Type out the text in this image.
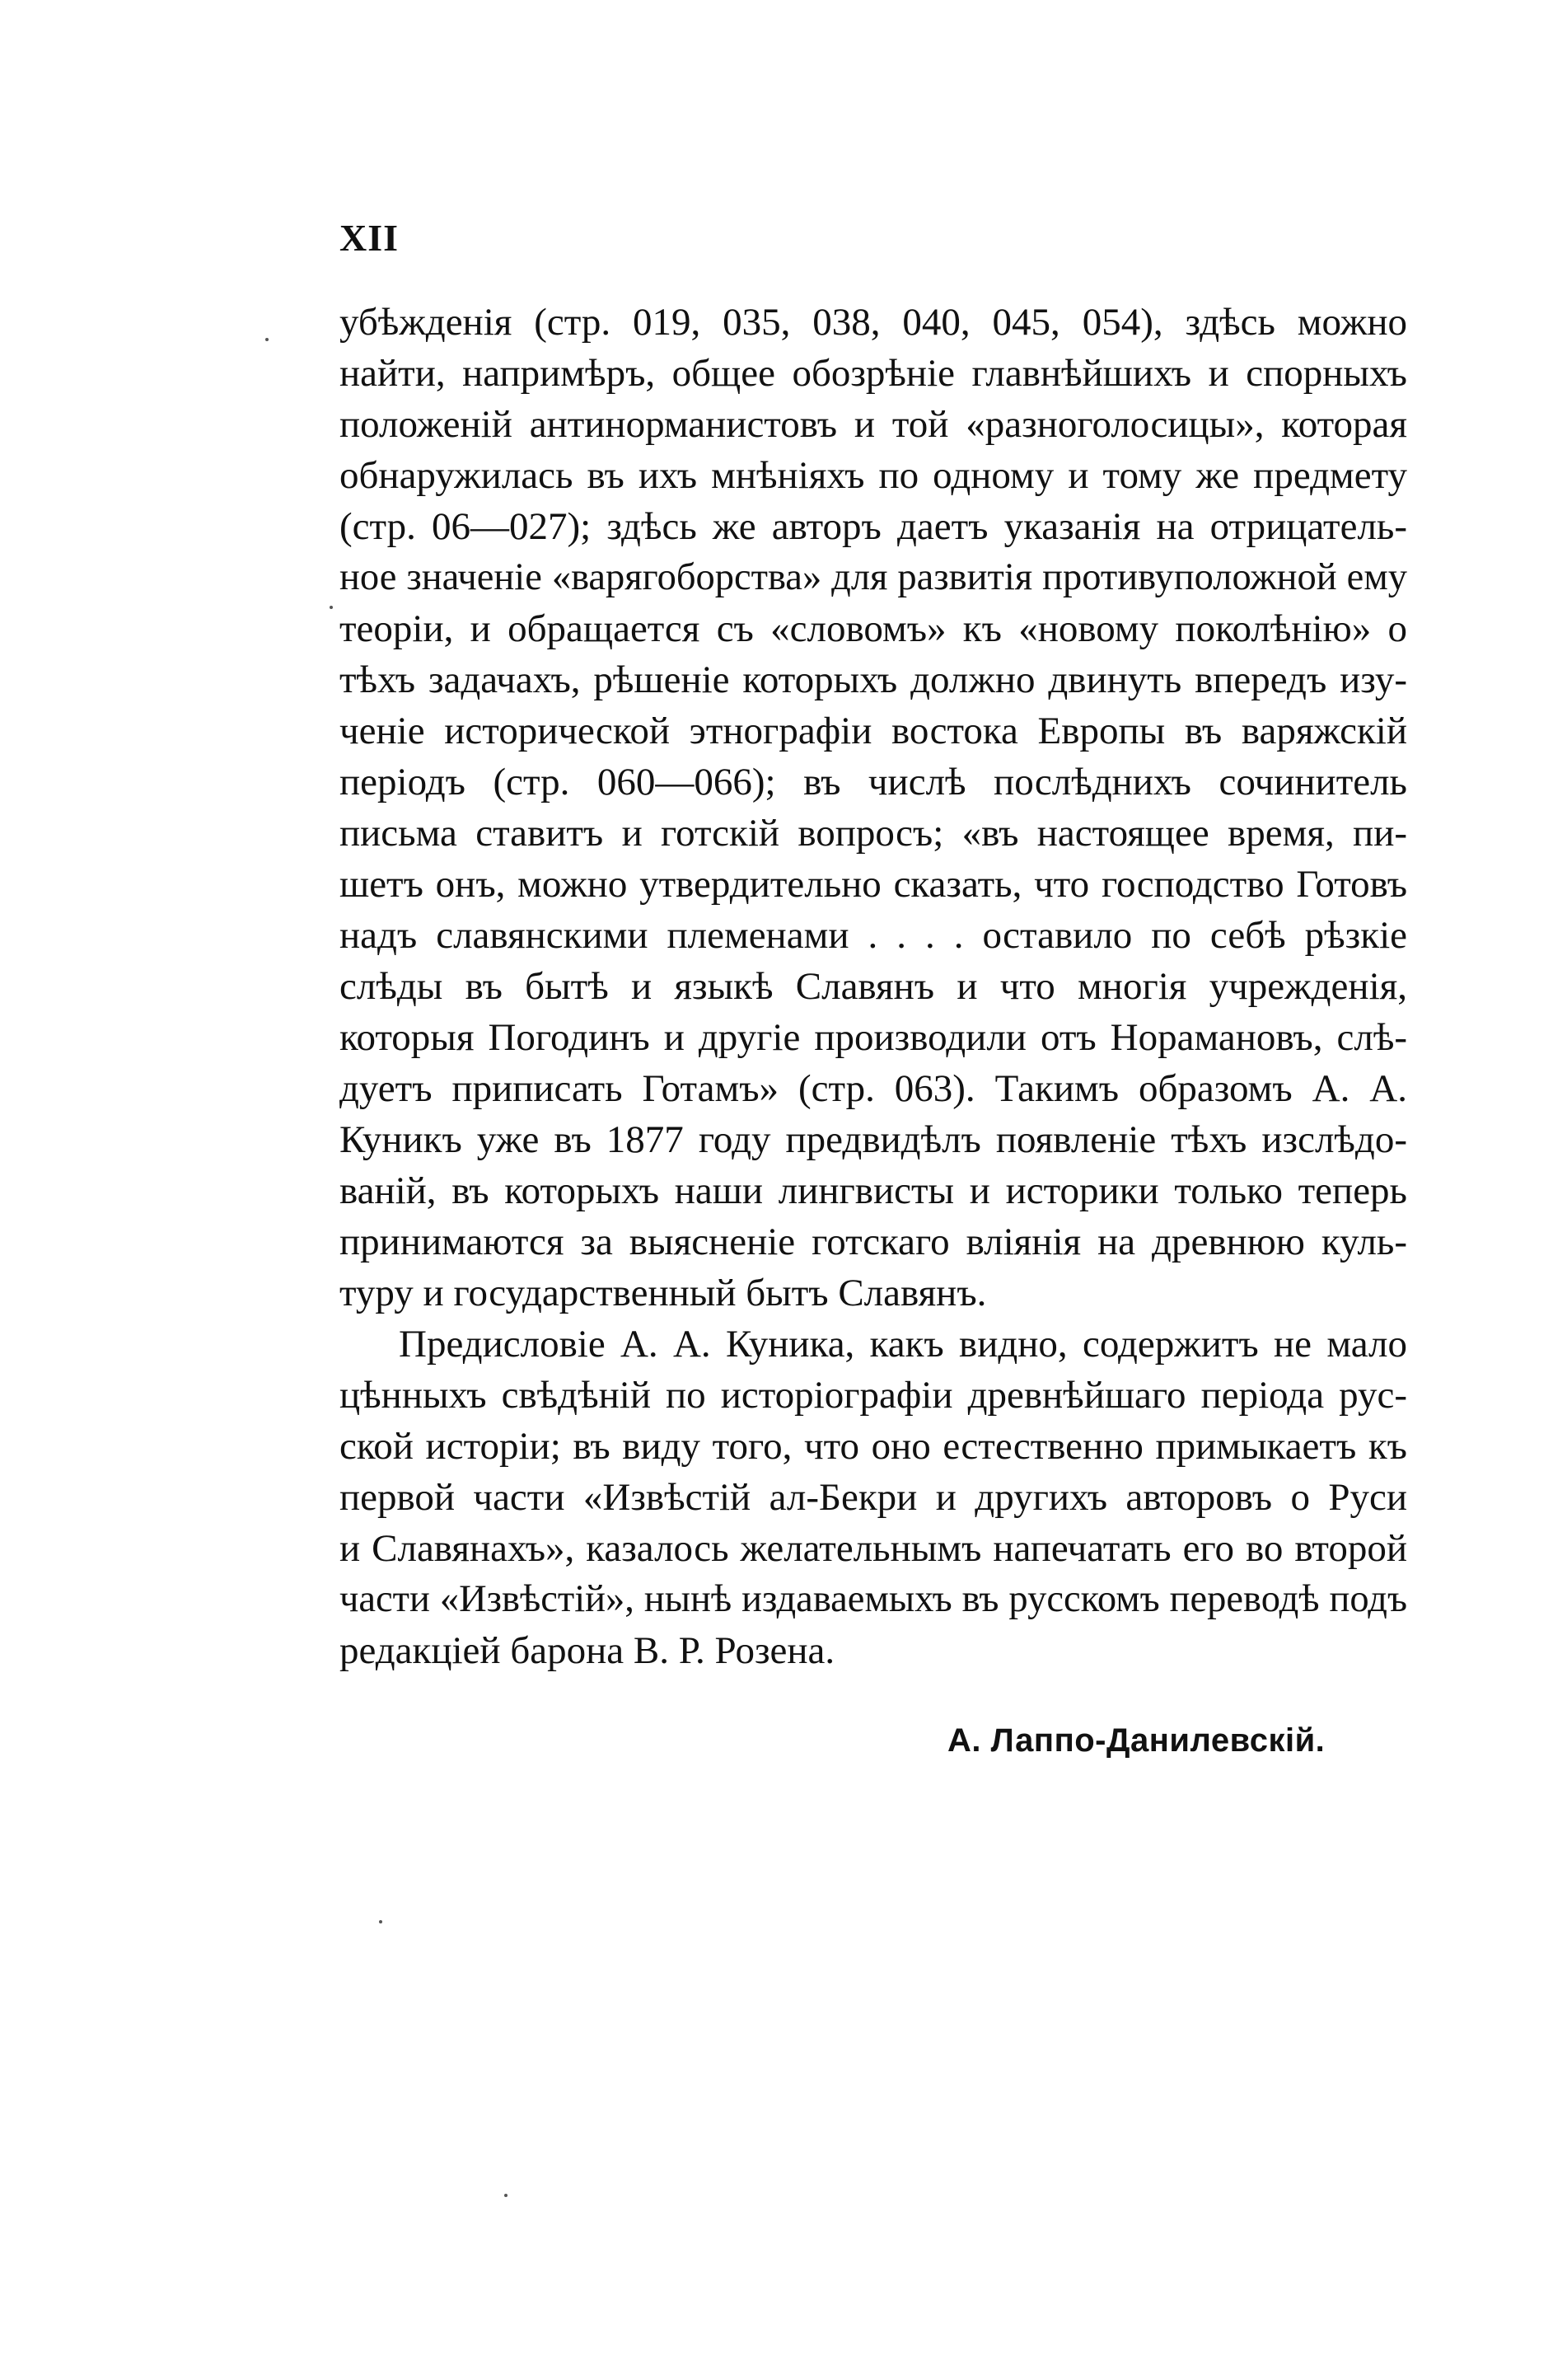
XII
убѣжденія (стр. 019, 035, 038, 040, 045, 054), здѣсь можно
найти, напримѣръ, общее обозрѣніе главнѣйшихъ и спорныхъ
положеній антинорманистовъ и той «разноголосицы», которая
обнаружилась въ ихъ мнѣніяхъ по одному и тому же предмету
(стр. 06—027); здѣсь же авторъ даетъ указанія на отрицатель-
ное значеніе «варягоборства» для развитія противуположной ему
теоріи, и обращается съ «словомъ» къ «новому поколѣнію» о
тѣхъ задачахъ, рѣшеніе которыхъ должно двинуть впередъ изу-
ченіе исторической этнографіи востока Европы въ варяжскій
періодъ (стр. 060—066); въ числѣ послѣднихъ сочинитель
письма ставитъ и готскій вопросъ; «въ настоящее время, пи-
шетъ онъ, можно утвердительно сказать, что господство Готовъ
надъ славянскими племенами . . . . оставило по себѣ рѣзкіе
слѣды въ бытѣ и языкѣ Славянъ и что многія учрежденія,
которыя Погодинъ и другіе производили отъ Норамановъ, слѣ-
дуетъ приписать Готамъ» (стр. 063). Такимъ образомъ А. А.
Куникъ уже въ 1877 году предвидѣлъ появленіе тѣхъ изслѣдо-
ваній, въ которыхъ наши лингвисты и историки только теперь
принимаются за выясненіе готскаго вліянія на древнюю куль-
туру и государственный бытъ Славянъ.
Предисловіе А. А. Куника, какъ видно, содержитъ не мало
цѣнныхъ свѣдѣній по исторіографіи древнѣйшаго періода рус-
ской исторіи; въ виду того, что оно естественно примыкаетъ къ
первой части «Извѣстій ал-Бекри и другихъ авторовъ о Руси
и Славянахъ», казалось желательнымъ напечатать его во второй
части «Извѣстій», нынѣ издаваемыхъ въ русскомъ переводѣ подъ
редакціей барона В. Р. Розена.
А. Лаппо-Данилевскій.
